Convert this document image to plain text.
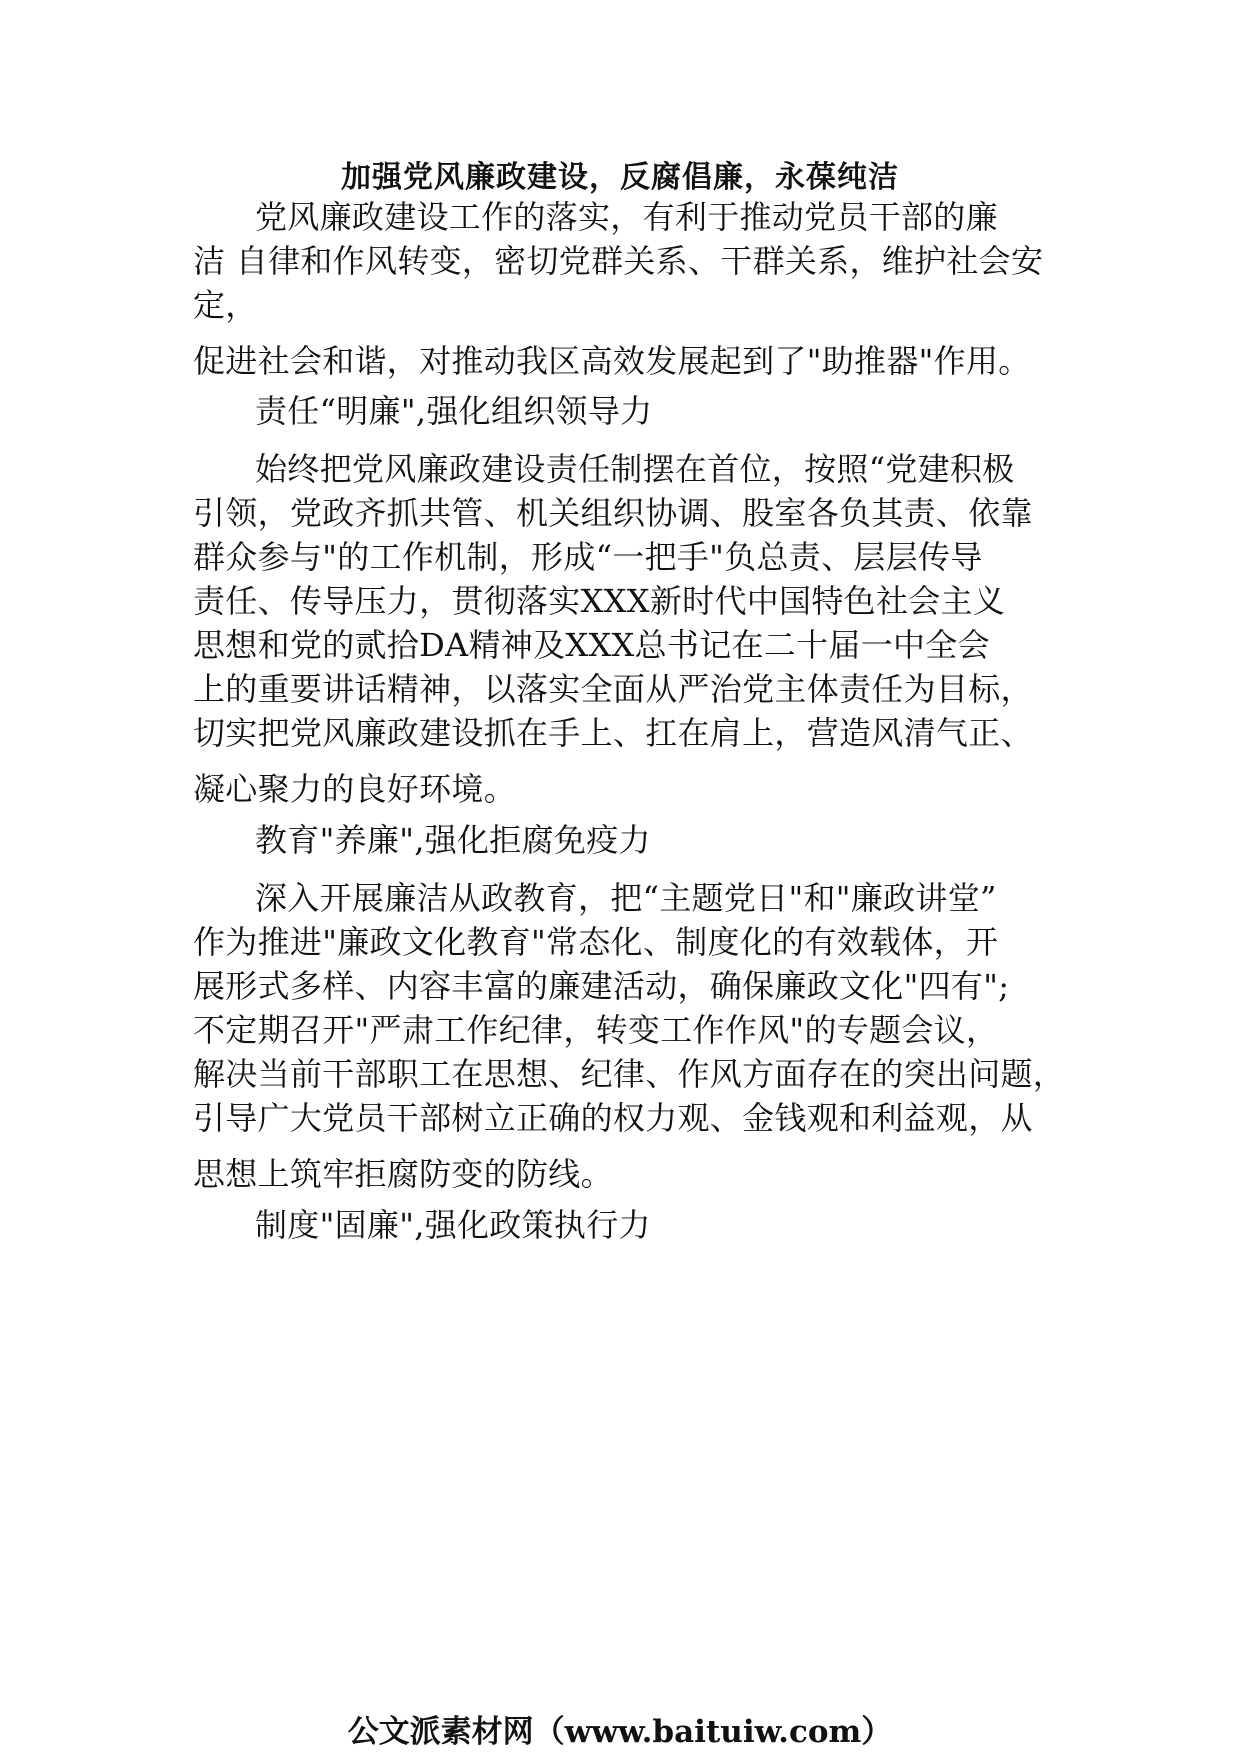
加强党风廉政建设，反腐倡廉，永葆纯洁

党风廉政建设工作的落实，有利于推动党员干部的廉

洁 自律和作风转变，密切党群关系、干群关系，维护社会安

定，

促进社会和谐，对推动我区高效发展起到了"助推器"作用。

责任“明廉",强化组织领导力

始终把党风廉政建设责任制摆在首位，按照“党建积极

引领，党政齐抓共管、机关组织协调、股室各负其责、依靠

群众参与"的工作机制，形成“一把手"负总责、层层传导

责任、传导压力，贯彻落实XXX新时代中国特色社会主义

思想和党的贰拾DA精神及XXX总书记在二十届一中全会

上的重要讲话精神，以落实全面从严治党主体责任为目标，

切实把党风廉政建设抓在手上、扛在肩上，营造风清气正、

凝心聚力的良好环境。

教育"养廉",强化拒腐免疫力

深入开展廉洁从政教育，把“主题党日"和"廉政讲堂”

作为推进"廉政文化教育"常态化、制度化的有效载体，开

展形式多样、内容丰富的廉建活动，确保廉政文化"四有";

不定期召开"严肃工作纪律，转变工作作风"的专题会议，

解决当前干部职工在思想、纪律、作风方面存在的突出问题，

引导广大党员干部树立正确的权力观、金钱观和利益观，从

思想上筑牢拒腐防变的防线。

制度"固廉",强化政策执行力

公文派素材网（www.baituiw.com）
